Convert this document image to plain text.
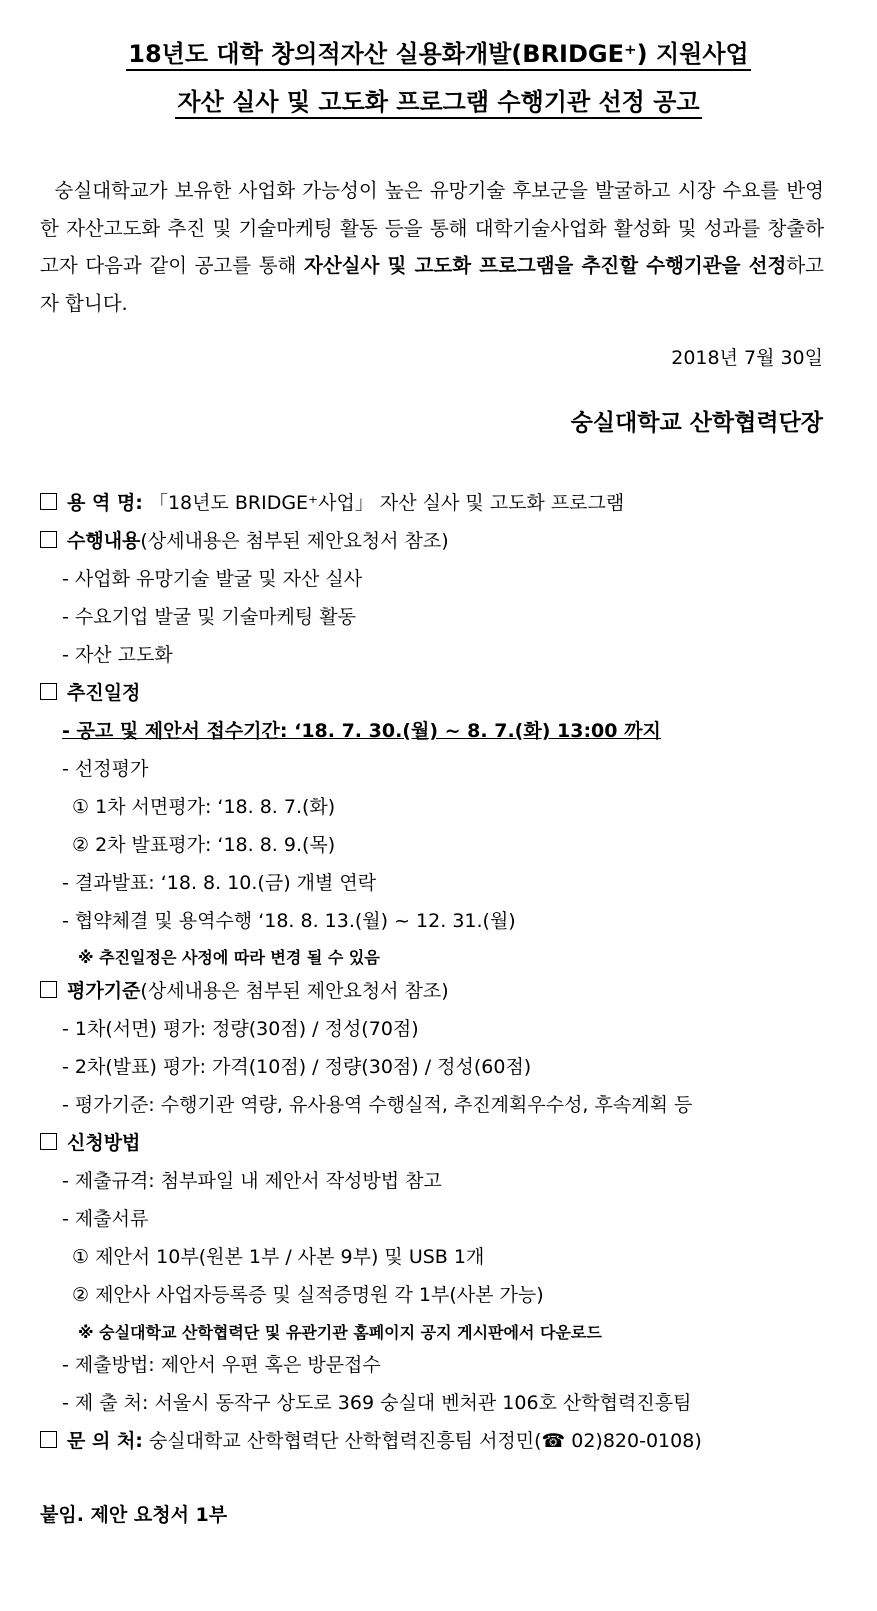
18년도 대학 창의적자산 실용화개발(BRIDGE⁺) 지원사업
자산 실사 및 고도화 프로그램 수행기관 선정 공고
숭실대학교가 보유한 사업화 가능성이 높은 유망기술 후보군을 발굴하고 시장 수요를 반영한 자산고도화 추진 및 기술마케팅 활동 등을 통해 대학기술사업화 활성화 및 성과를 창출하고자 다음과 같이 공고를 통해 자산실사 및 고도화 프로그램을 추진할 수행기관을 선정하고자 합니다.
2018년 7월 30일
숭실대학교 산학협력단장
용 역 명: 「18년도 BRIDGE⁺사업」 자산 실사 및 고도화 프로그램
수행내용(상세내용은 첨부된 제안요청서 참조)
- 사업화 유망기술 발굴 및 자산 실사
- 수요기업 발굴 및 기술마케팅 활동
- 자산 고도화
추진일정
- 공고 및 제안서 접수기간: ‘18. 7. 30.(월) ~ 8. 7.(화) 13:00 까지
- 선정평가
① 1차 서면평가: ‘18. 8. 7.(화)
② 2차 발표평가: ‘18. 8. 9.(목)
- 결과발표: ‘18. 8. 10.(금) 개별 연락
- 협약체결 및 용역수행 ‘18. 8. 13.(월) ~ 12. 31.(월)
※ 추진일정은 사정에 따라 변경 될 수 있음
평가기준(상세내용은 첨부된 제안요청서 참조)
- 1차(서면) 평가: 정량(30점) / 정성(70점)
- 2차(발표) 평가: 가격(10점) / 정량(30점) / 정성(60점)
- 평가기준: 수행기관 역량, 유사용역 수행실적, 추진계획우수성, 후속계획 등
신청방법
- 제출규격: 첨부파일 내 제안서 작성방법 참고
- 제출서류
① 제안서 10부(원본 1부 / 사본 9부) 및 USB 1개
② 제안사 사업자등록증 및 실적증명원 각 1부(사본 가능)
※ 숭실대학교 산학협력단 및 유관기관 홈페이지 공지 게시판에서 다운로드
- 제출방법: 제안서 우편 혹은 방문접수
- 제 출 처: 서울시 동작구 상도로 369 숭실대 벤처관 106호 산학협력진흥팀
문 의 처: 숭실대학교 산학협력단 산학협력진흥팀 서정민(☎ 02)820-0108)
붙임. 제안 요청서 1부
